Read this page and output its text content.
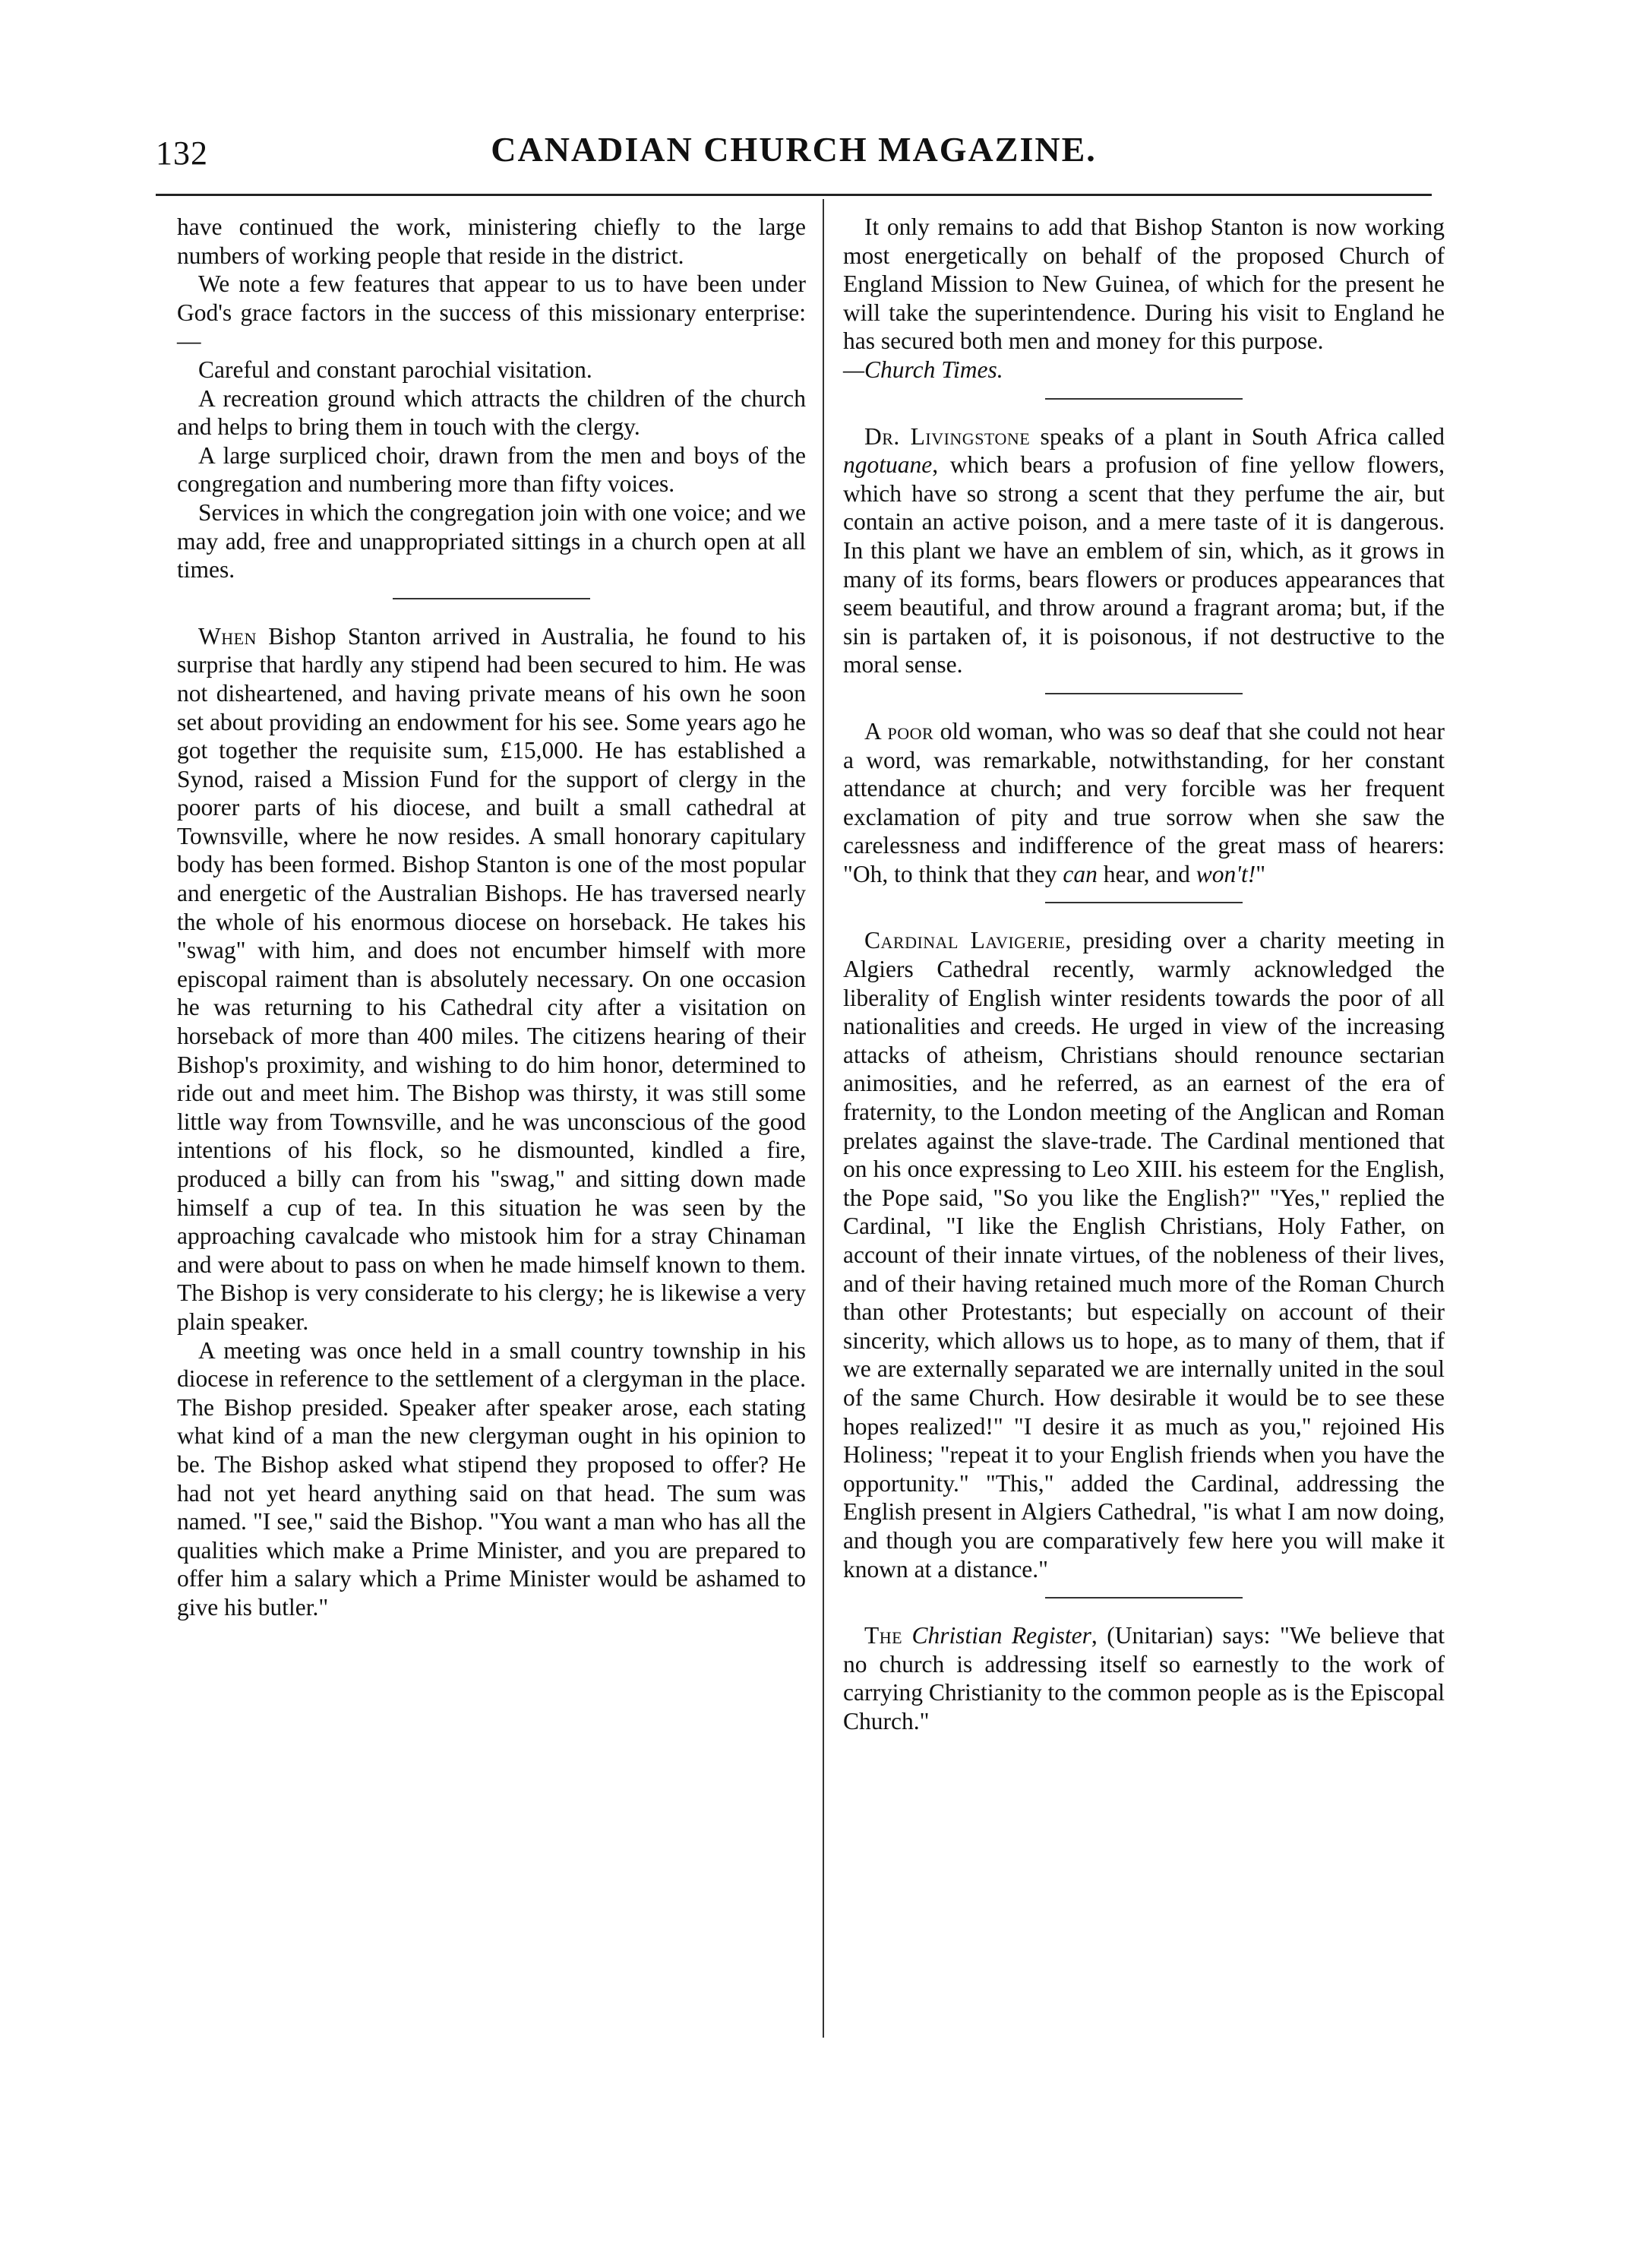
132	CANADIAN CHURCH MAGAZINE.

have continued the work, ministering chiefly to the large numbers of working people that reside in the district.

We note a few features that appear to us to have been under God's grace factors in the success of this missionary enterprise:—

Careful and constant parochial visitation.

A recreation ground which attracts the children of the church and helps to bring them in touch with the clergy.

A large surpliced choir, drawn from the men and boys of the congregation and numbering more than fifty voices.

Services in which the congregation join with one voice; and we may add, free and unappropriated sittings in a church open at all times.

When Bishop Stanton arrived in Australia, he found to his surprise that hardly any stipend had been secured to him. He was not disheartened, and having private means of his own he soon set about providing an endowment for his see. Some years ago he got together the requisite sum, £15,000. He has established a Synod, raised a Mission Fund for the support of clergy in the poorer parts of his diocese, and built a small cathedral at Townsville, where he now resides. A small honorary capitulary body has been formed. Bishop Stanton is one of the most popular and energetic of the Australian Bishops. He has traversed nearly the whole of his enormous diocese on horseback. He takes his "swag" with him, and does not encumber himself with more episcopal raiment than is absolutely necessary. On one occasion he was returning to his Cathedral city after a visitation on horseback of more than 400 miles. The citizens hearing of their Bishop's proximity, and wishing to do him honor, determined to ride out and meet him. The Bishop was thirsty, it was still some little way from Townsville, and he was unconscious of the good intentions of his flock, so he dismounted, kindled a fire, produced a billy can from his "swag," and sitting down made himself a cup of tea. In this situation he was seen by the approaching cavalcade who mistook him for a stray Chinaman and were about to pass on when he made himself known to them. The Bishop is very considerate to his clergy; he is likewise a very plain speaker.

A meeting was once held in a small country township in his diocese in reference to the settlement of a clergyman in the place. The Bishop presided. Speaker after speaker arose, each stating what kind of a man the new clergyman ought in his opinion to be. The Bishop asked what stipend they proposed to offer? He had not yet heard anything said on that head. The sum was named. "I see," said the Bishop. "You want a man who has all the qualities which make a Prime Minister, and you are prepared to offer him a salary which a Prime Minister would be ashamed to give his butler."

It only remains to add that Bishop Stanton is now working most energetically on behalf of the proposed Church of England Mission to New Guinea, of which for the present he will take the superintendence. During his visit to England he has secured both men and money for this purpose.
—Church Times.

Dr. Livingstone speaks of a plant in South Africa called ngotuane, which bears a profusion of fine yellow flowers, which have so strong a scent that they perfume the air, but contain an active poison, and a mere taste of it is dangerous. In this plant we have an emblem of sin, which, as it grows in many of its forms, bears flowers or produces appearances that seem beautiful, and throw around a fragrant aroma; but, if the sin is partaken of, it is poisonous, if not destructive to the moral sense.

A poor old woman, who was so deaf that she could not hear a word, was remarkable, notwithstanding, for her constant attendance at church; and very forcible was her frequent exclamation of pity and true sorrow when she saw the carelessness and indifference of the great mass of hearers: "Oh, to think that they can hear, and won't!"

Cardinal Lavigerie, presiding over a charity meeting in Algiers Cathedral recently, warmly acknowledged the liberality of English winter residents towards the poor of all nationalities and creeds. He urged in view of the increasing attacks of atheism, Christians should renounce sectarian animosities, and he referred, as an earnest of the era of fraternity, to the London meeting of the Anglican and Roman prelates against the slave-trade. The Cardinal mentioned that on his once expressing to Leo XIII. his esteem for the English, the Pope said, "So you like the English?" "Yes," replied the Cardinal, "I like the English Christians, Holy Father, on account of their innate virtues, of the nobleness of their lives, and of their having retained much more of the Roman Church than other Protestants; but especially on account of their sincerity, which allows us to hope, as to many of them, that if we are externally separated we are internally united in the soul of the same Church. How desirable it would be to see these hopes realized!" "I desire it as much as you," rejoined His Holiness; "repeat it to your English friends when you have the opportunity." "This," added the Cardinal, addressing the English present in Algiers Cathedral, "is what I am now doing, and though you are comparatively few here you will make it known at a distance."

The Christian Register, (Unitarian) says: "We believe that no church is addressing itself so earnestly to the work of carrying Christianity to the common people as is the Episcopal Church."
